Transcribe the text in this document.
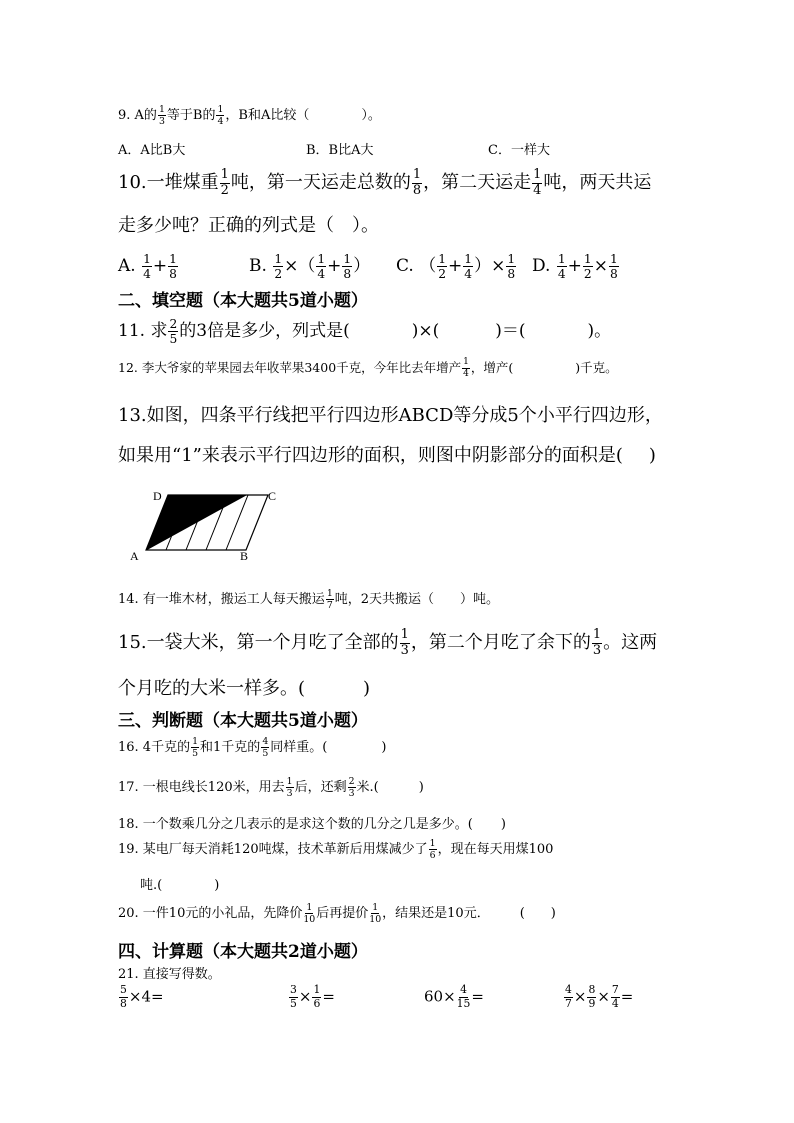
9. A的 $\frac{1}{3}$ 等于B的 $\frac{1}{4}$ ，B和A比较（	）。
A．A比B大	B．B比A大	C．一样大
10.一堆煤重 $\frac{1}{2}$ 吨，第一天运走总数的 $\frac{1}{8}$ ，第二天运走 $\frac{1}{4}$ 吨，两天共运
走多少吨？正确的列式是（　）。
A. $\frac{1}{4} + \frac{1}{8}$	B. $\frac{1}{2}$ ×（ $\frac{1}{4} + \frac{1}{8}$ ） C. （ $\frac{1}{2} + \frac{1}{4}$ ）× $\frac{1}{8} D$. $\frac{1}{4} + \frac{1}{2} \times \frac{1}{8}$
二、填空题（本大题共5道小题）
11. 求 $\frac{2}{5}$ 的3倍是多少，列式是(	)×(	)＝(	)。
12. 李大爷家的苹果园去年收苹果3400千克，今年比去年增产 $\frac{1}{4}$ ，增产(	)千克。
13.如图，四条平行线把平行四边形ABCD等分成5个小平行四边形，
如果用“1”来表示平行四边形的面积，则图中阴影部分的面积是( )
D	C
A	B
14. 有一堆木材，搬运工人每天搬运 $\frac{1}{7}$ 吨，2天共搬运（ ）吨。
15.一袋大米，第一个月吃了全部的 $\frac{1}{3}$ ，第二个月吃了余下的 $\frac{1}{3}$ 。这两
个月吃的大米一样多。(	)
三、判断题（本大题共5道小题）
16. 4千克的 $\frac{1}{5}$ 和1千克的 $\frac{4}{5}$ 同样重。(	)
17. 一根电线长120米，用去 $\frac{1}{3}$ 后，还剩 $\frac{2}{3}$ 米.(	)
18. 一个数乘几分之几表示的是求这个数的几分之几是多少。( )
19. 某电厂每天消耗120吨煤，技术革新后用煤减少了 $\frac{1}{6}$ ，现在每天用煤100
吨.(	)
20. 一件10元的小礼品，先降价 $\frac{1}{10}$ 后再提价 $\frac{1}{10}$ ，结果还是10元． ( )
四、计算题（本大题共2道小题）
21. 直接写得数。
$\frac{5}{8} \times 4=$	$\frac{3}{5} \times \frac{1}{6}$ =	$60\times \frac{4}{15}$ =	$\frac{4}{7} \times \frac{8}{9} \times \frac{7}{4}$ =
